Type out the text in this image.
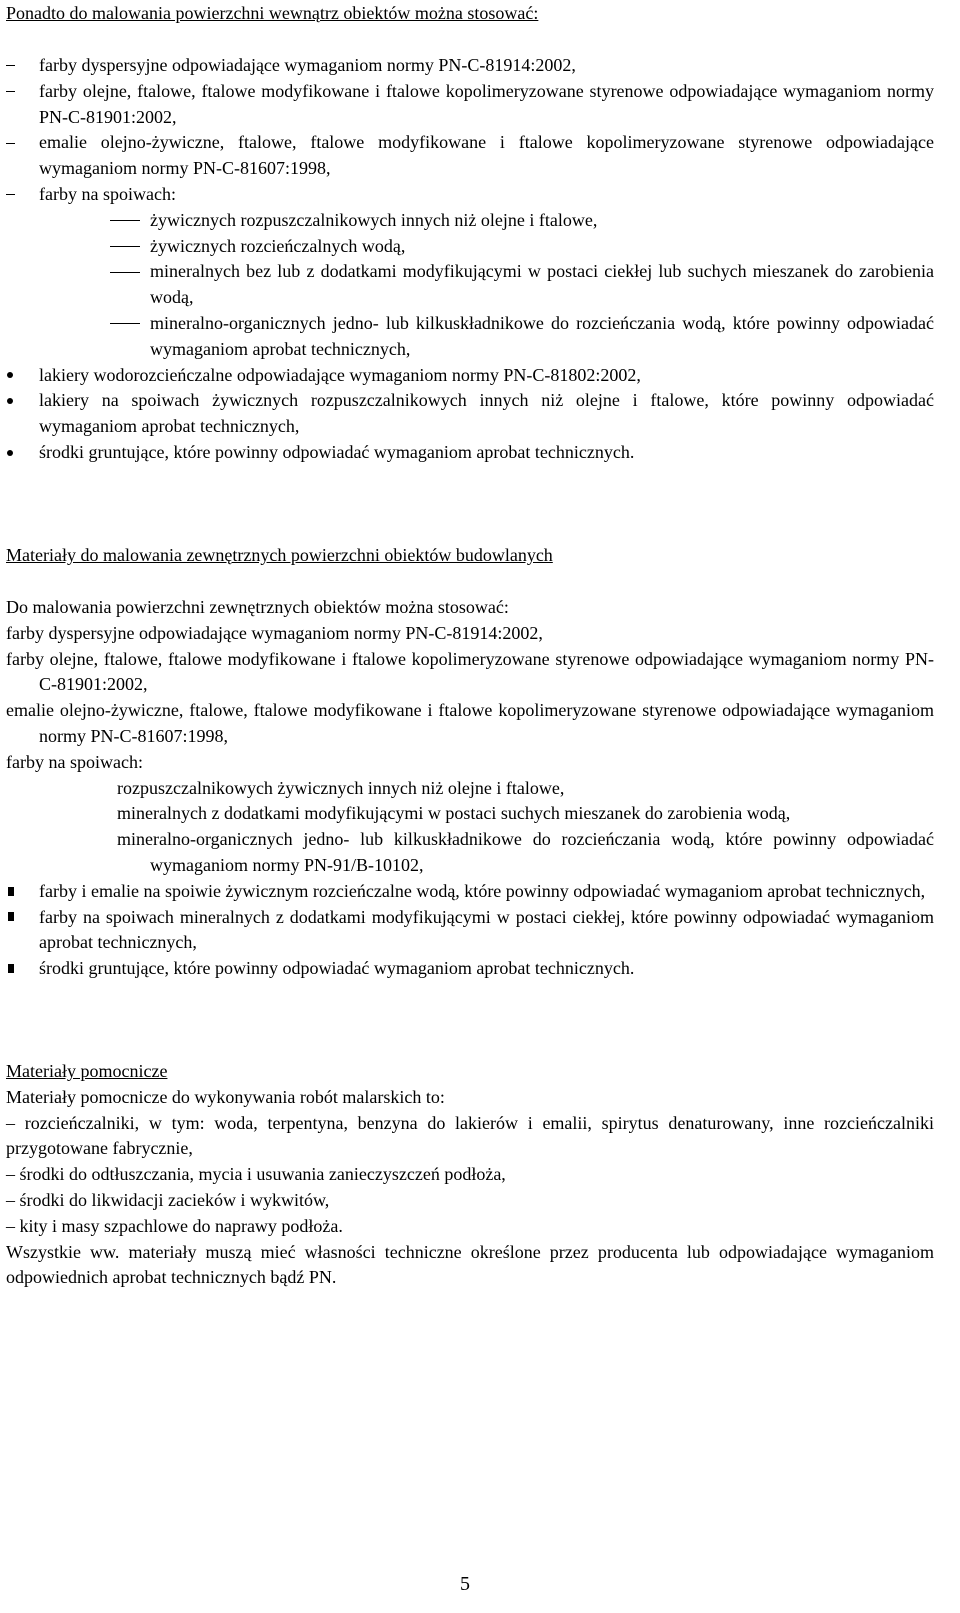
Ponadto do malowania powierzchni wewnątrz obiektów można stosować:
farby dyspersyjne odpowiadające wymaganiom normy PN-C-81914:2002,
farby olejne, ftalowe, ftalowe modyfikowane i ftalowe kopolimeryzowane styrenowe odpowiadające wymaganiom normy PN-C-81901:2002,
emalie olejno-żywiczne, ftalowe, ftalowe modyfikowane i ftalowe kopolimeryzowane styrenowe odpowiadające wymaganiom normy PN-C-81607:1998,
farby na spoiwach:
żywicznych rozpuszczalnikowych innych niż olejne i ftalowe,
żywicznych rozcieńczalnych wodą,
mineralnych bez lub z dodatkami modyfikującymi w postaci ciekłej lub suchych mieszanek do zarobienia wodą,
mineralno-organicznych jedno- lub kilkuskładnikowe do rozcieńczania wodą, które powinny odpowiadać wymaganiom aprobat technicznych,
lakiery wodorozcieńczalne odpowiadające wymaganiom normy PN-C-81802:2002,
lakiery na spoiwach żywicznych rozpuszczalnikowych innych niż olejne i ftalowe, które powinny odpowiadać wymaganiom aprobat technicznych,
środki gruntujące, które powinny odpowiadać wymaganiom aprobat technicznych.
Materiały do malowania zewnętrznych powierzchni obiektów budowlanych
Do malowania powierzchni zewnętrznych obiektów można stosować:
farby dyspersyjne odpowiadające wymaganiom normy PN-C-81914:2002,
farby olejne, ftalowe, ftalowe modyfikowane i ftalowe kopolimeryzowane styrenowe odpowiadające wymaganiom normy PN-C-81901:2002,
emalie olejno-żywiczne, ftalowe, ftalowe modyfikowane i ftalowe kopolimeryzowane styrenowe odpowiadające wymaganiom normy PN-C-81607:1998,
farby na spoiwach:
rozpuszczalnikowych żywicznych innych niż olejne i ftalowe,
mineralnych z dodatkami modyfikującymi w postaci suchych mieszanek do zarobienia wodą,
mineralno-organicznych jedno- lub kilkuskładnikowe do rozcieńczania wodą, które powinny odpowiadać wymaganiom normy PN-91/B-10102,
farby i emalie na spoiwie żywicznym rozcieńczalne wodą, które powinny odpowiadać wymaganiom aprobat technicznych,
farby na spoiwach mineralnych z dodatkami modyfikującymi w postaci ciekłej, które powinny odpowiadać wymaganiom aprobat technicznych,
środki gruntujące, które powinny odpowiadać wymaganiom aprobat technicznych.
Materiały pomocnicze
Materiały pomocnicze do wykonywania robót malarskich to:
– rozcieńczalniki, w tym: woda, terpentyna, benzyna do lakierów i emalii, spirytus denaturowany, inne rozcieńczalniki przygotowane fabrycznie,
– środki do odtłuszczania, mycia i usuwania zanieczyszczeń podłoża,
– środki do likwidacji zacieków i wykwitów,
– kity i masy szpachlowe do naprawy podłoża.
Wszystkie ww. materiały muszą mieć własności techniczne określone przez producenta lub odpowiadające wymaganiom odpowiednich aprobat technicznych bądź PN.
5
